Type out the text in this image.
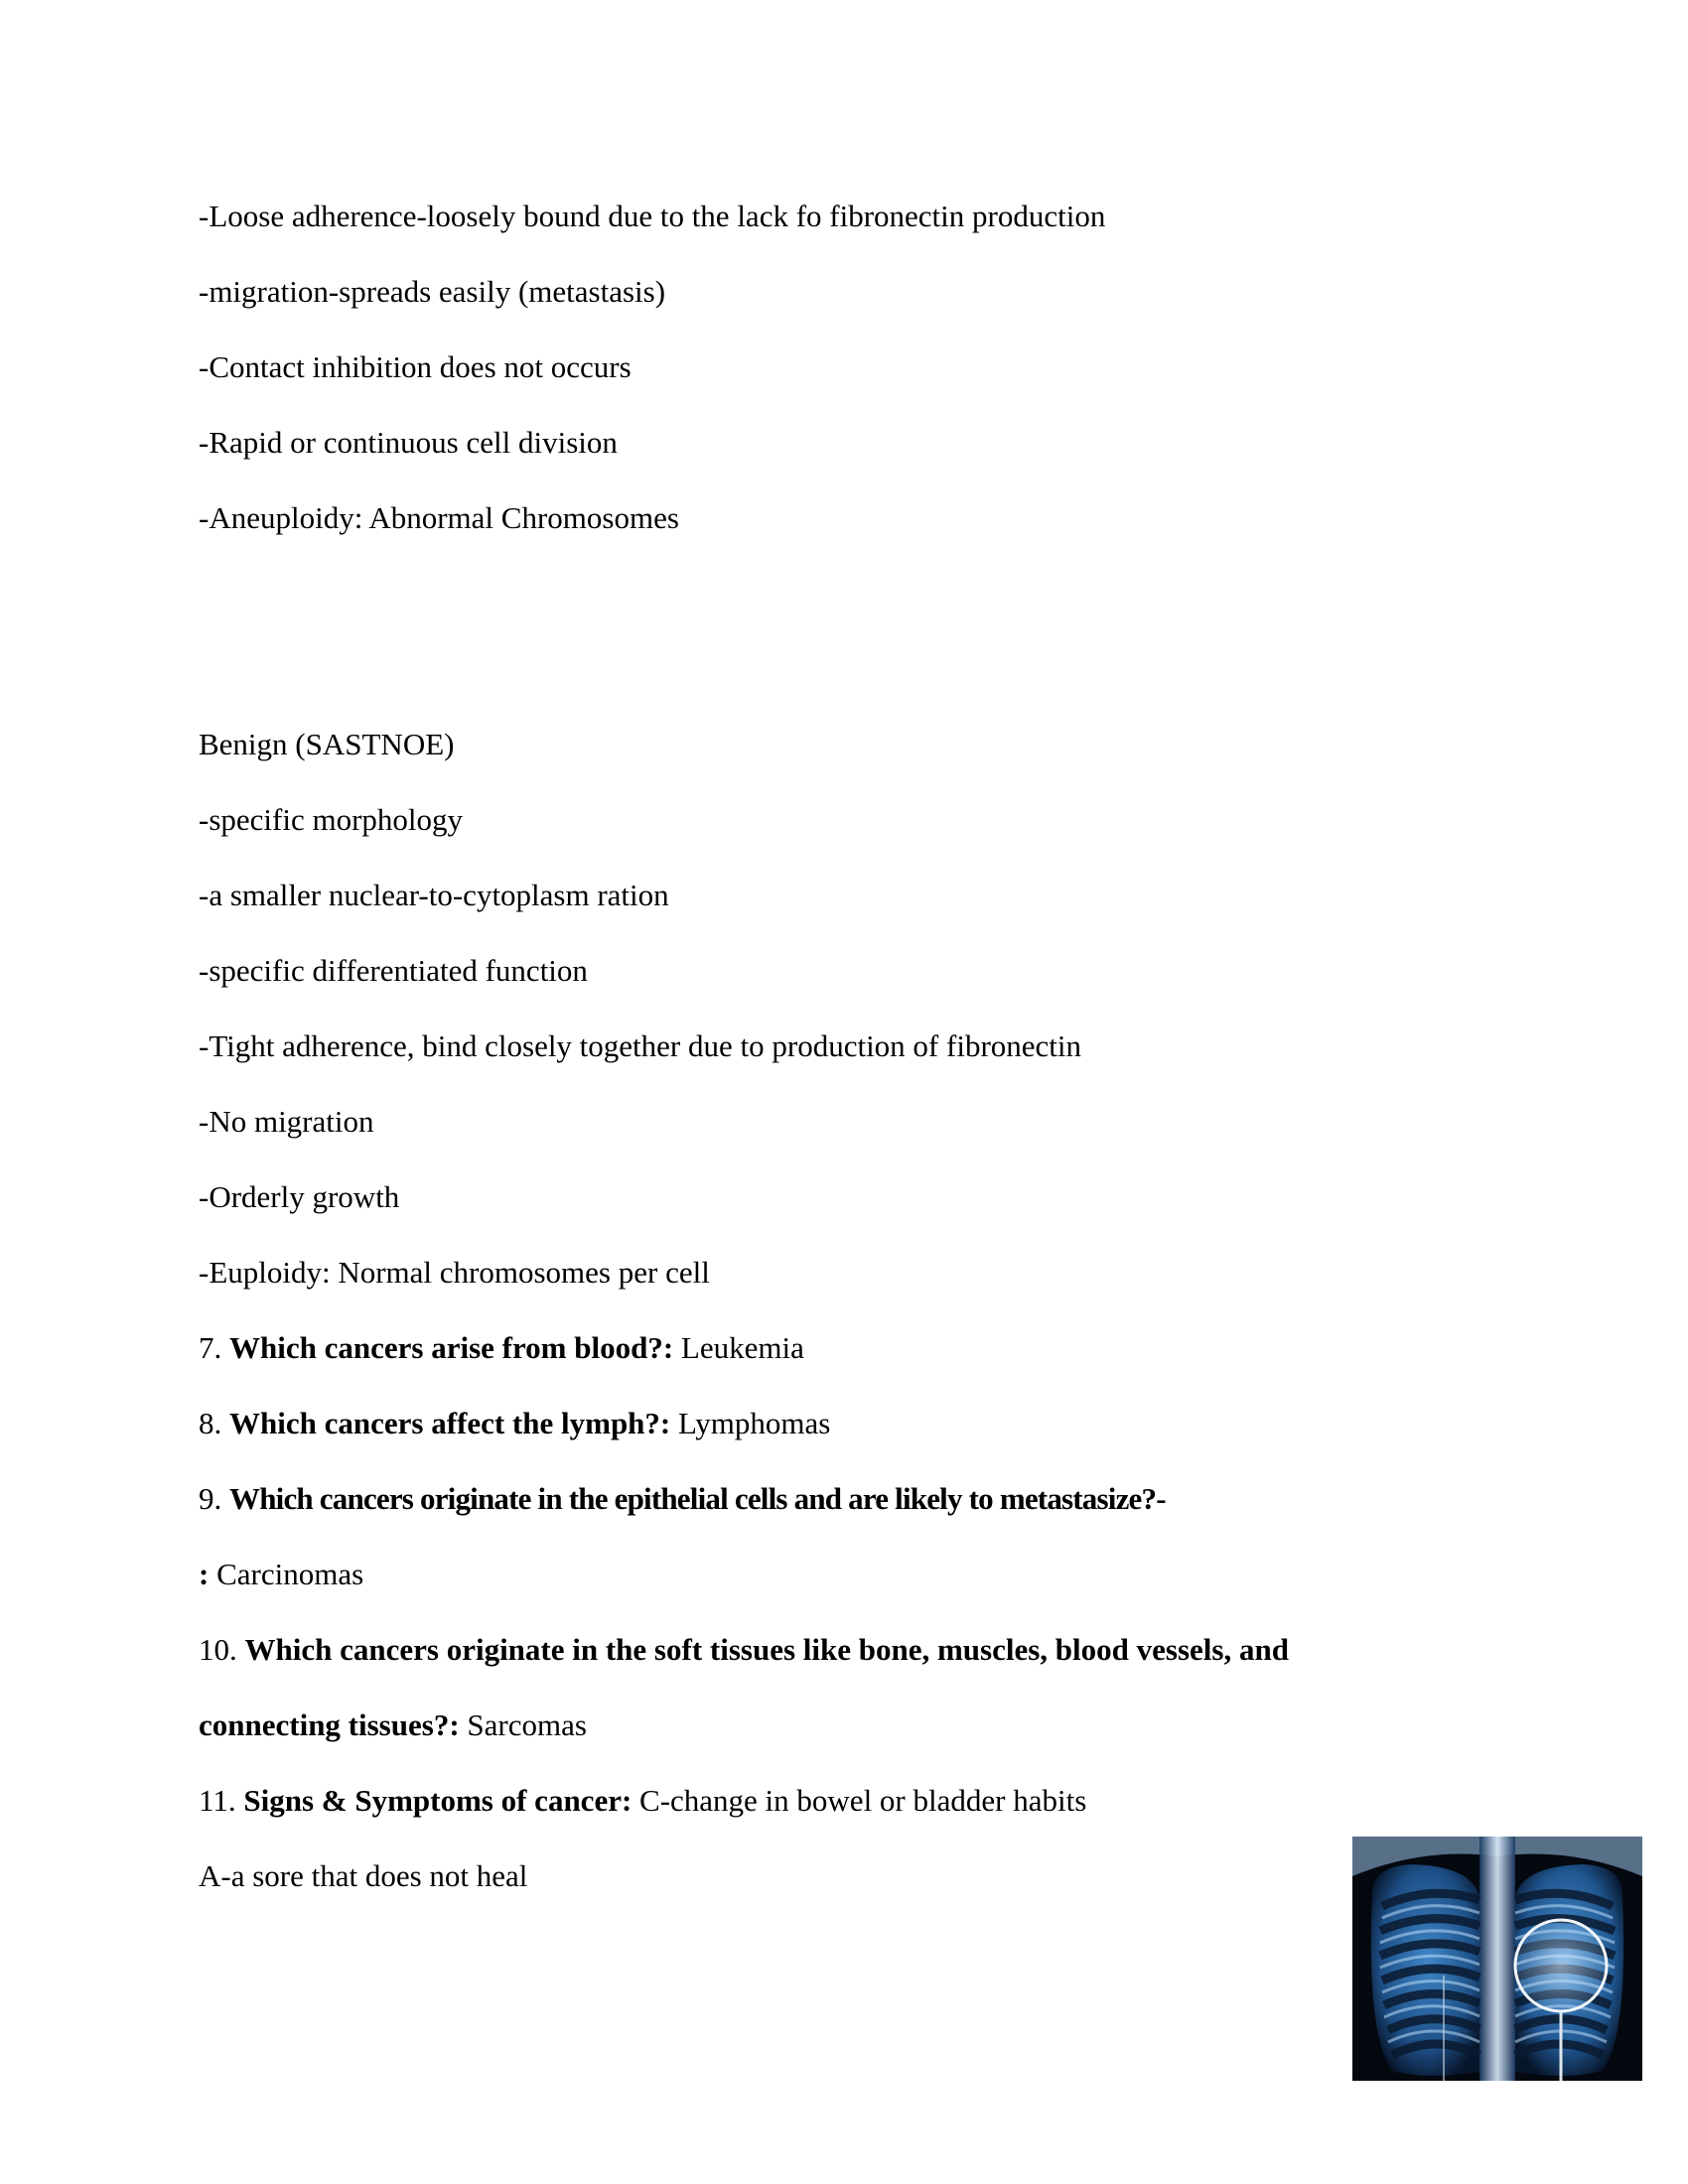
-Loose adherence-loosely bound due to the lack fo fibronectin production
-migration-spreads easily (metastasis)
-Contact inhibition does not occurs
-Rapid or continuous cell division
-Aneuploidy: Abnormal Chromosomes
Benign (SASTNOE)
-specific morphology
-a smaller nuclear-to-cytoplasm ration
-specific differentiated function
-Tight adherence, bind closely together due to production of fibronectin
-No migration
-Orderly growth
-Euploidy: Normal chromosomes per cell
7. Which cancers arise from blood?: Leukemia
8. Which cancers affect the lymph?: Lymphomas
9. Which cancers originate in the epithelial cells and are likely to metastasize?-
: Carcinomas
10. Which cancers originate in the soft tissues like bone, muscles, blood vessels, and
connecting tissues?: Sarcomas
11. Signs & Symptoms of cancer: C-change in bowel or bladder habits
A-a sore that does not heal
